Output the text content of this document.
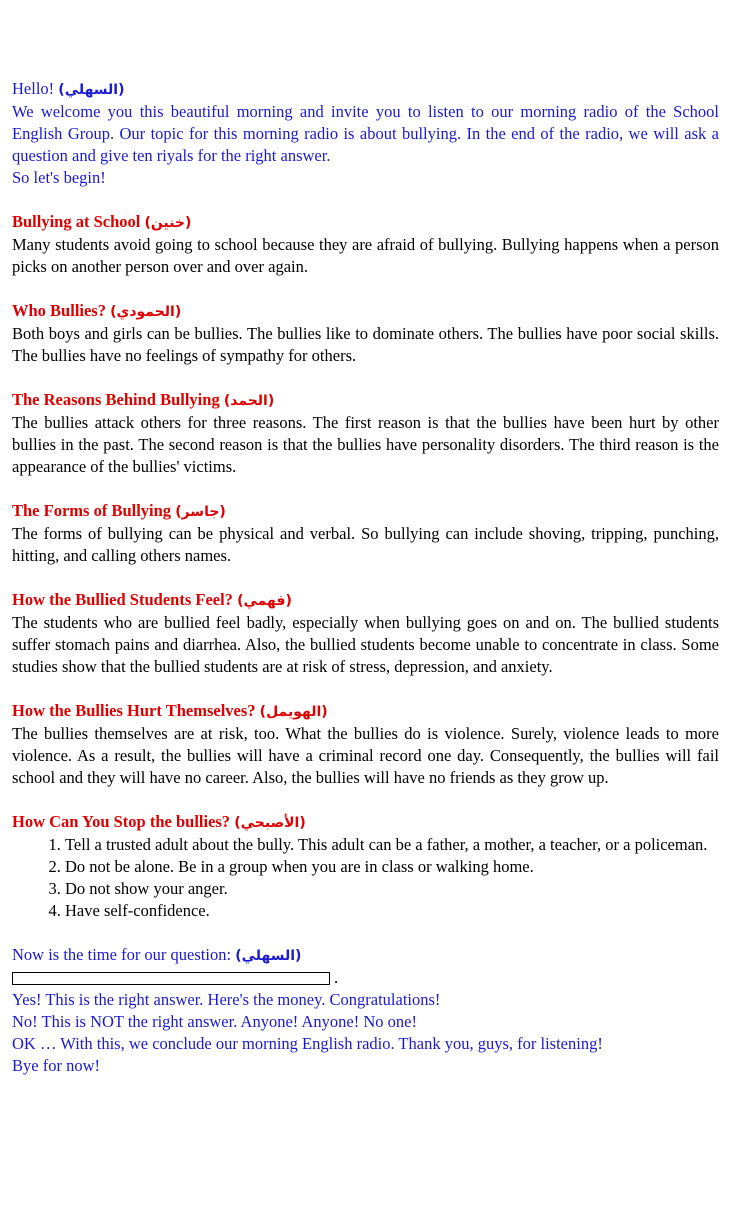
Hello! (السهلي)

We welcome you this beautiful morning and invite you to listen to our morning radio of the School English Group. Our topic for this morning radio is about bullying. In the end of the radio, we will ask a question and give ten riyals for the right answer.

So let's begin!

Bullying at School (خنين)

Many students avoid going to school because they are afraid of bullying. Bullying happens when a person picks on another person over and over again.

Who Bullies? (الحمودي)

Both boys and girls can be bullies. The bullies like to dominate others. The bullies have poor social skills. The bullies have no feelings of sympathy for others.

The Reasons Behind Bullying (الحمد)

The bullies attack others for three reasons. The first reason is that the bullies have been hurt by other bullies in the past. The second reason is that the bullies have personality disorders. The third reason is the appearance of the bullies' victims.

The Forms of Bullying (جاسر)

The forms of bullying can be physical and verbal. So bullying can include shoving, tripping, punching, hitting, and calling others names.

How the Bullied Students Feel? (فهمي)

The students who are bullied feel badly, especially when bullying goes on and on. The bullied students suffer stomach pains and diarrhea. Also, the bullied students become unable to concentrate in class. Some studies show that the bullied students are at risk of stress, depression, and anxiety.

How the Bullies Hurt Themselves? (الهويمل)

The bullies themselves are at risk, too. What the bullies do is violence. Surely, violence leads to more violence. As a result, the bullies will have a criminal record one day. Consequently, the bullies will fail school and they will have no career. Also, the bullies will have no friends as they grow up.

How Can You Stop the bullies? (الأصبحي)

1. Tell a trusted adult about the bully. This adult can be a father, a mother, a teacher, or a policeman.
2. Do not be alone. Be in a group when you are in class or walking home.
3. Do not show your anger.
4. Have self-confidence.

Now is the time for our question: (السهلي)

.

Yes! This is the right answer. Here's the money. Congratulations!

No! This is NOT the right answer. Anyone! Anyone! No one!

OK … With this, we conclude our morning English radio. Thank you, guys, for listening!

Bye for now!
